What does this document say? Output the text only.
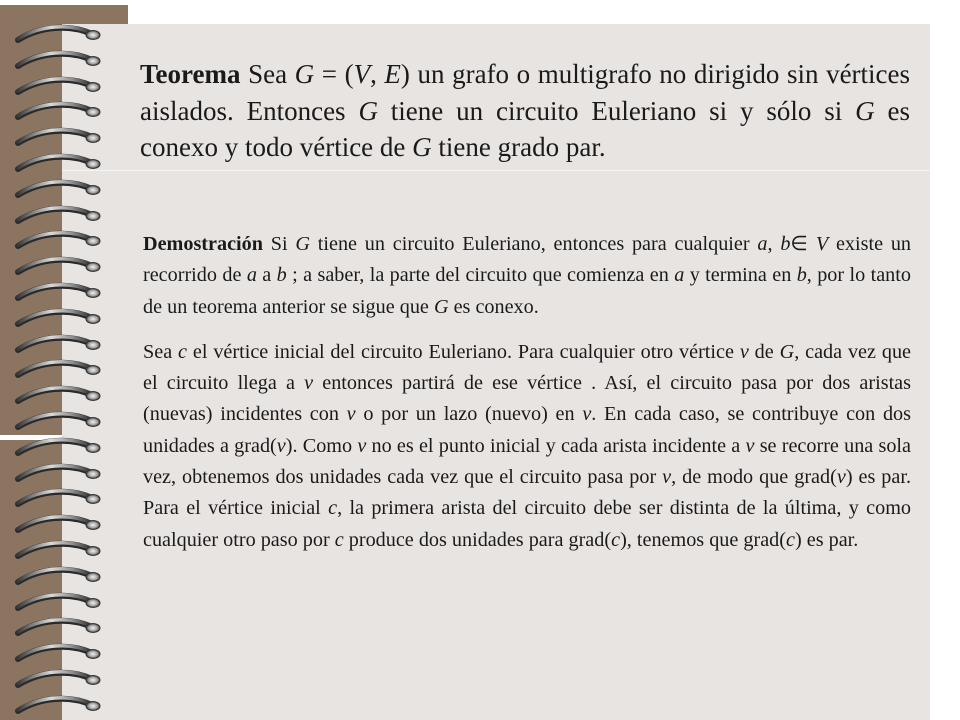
Teorema Sea G = (V, E) un grafo o multigrafo no dirigido sin vértices aislados. Entonces G tiene un circuito Euleriano si y sólo si G es conexo y todo vértice de G tiene grado par.

Demostración Si G tiene un circuito Euleriano, entonces para cualquier a, b∈ V existe un recorrido de a a b ; a saber, la parte del circuito que comienza en a y termina en b, por lo tanto de un teorema anterior se sigue que G es conexo.

Sea c el vértice inicial del circuito Euleriano. Para cualquier otro vértice v de G, cada vez que el circuito llega a v entonces partirá de ese vértice . Así, el circuito pasa por dos aristas (nuevas) incidentes con v o por un lazo (nuevo) en v. En cada caso, se contribuye con dos unidades a grad(v). Como v no es el punto inicial y cada arista incidente a v se recorre una sola vez, obtenemos dos unidades cada vez que el circuito pasa por v, de modo que grad(v) es par. Para el vértice inicial c, la primera arista del circuito debe ser distinta de la última, y como cualquier otro paso por c produce dos unidades para grad(c), tenemos que grad(c) es par.
